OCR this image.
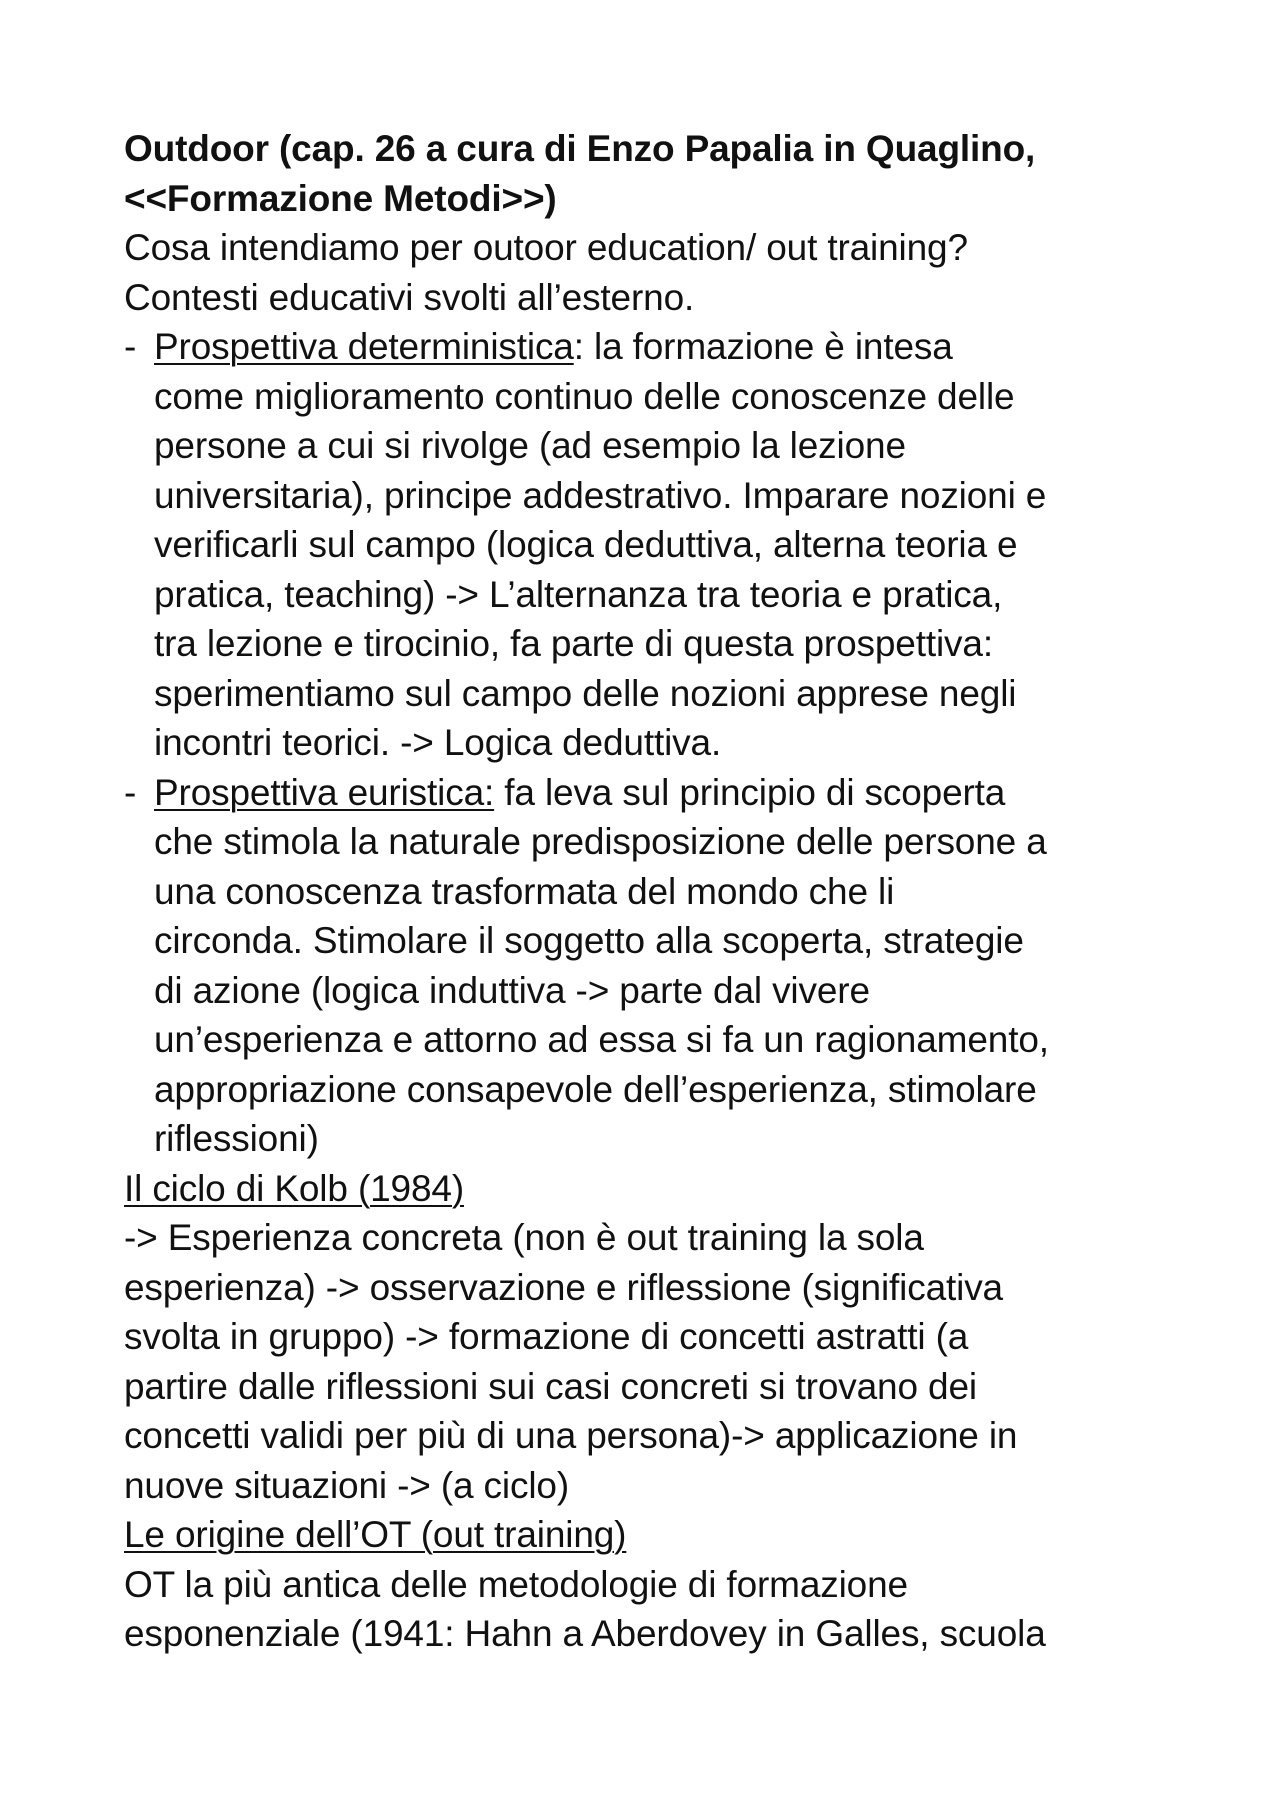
Outdoor (cap. 26 a cura di Enzo Papalia in Quaglino,
<<Formazione Metodi>>)
Cosa intendiamo per outoor education/ out training?
Contesti educativi svolti all’esterno.
- Prospettiva deterministica: la formazione è intesa
come miglioramento continuo delle conoscenze delle
persone a cui si rivolge (ad esempio la lezione
universitaria), principe addestrativo. Imparare nozioni e
verificarli sul campo (logica deduttiva, alterna teoria e
pratica, teaching) -> L’alternanza tra teoria e pratica,
tra lezione e tirocinio, fa parte di questa prospettiva:
sperimentiamo sul campo delle nozioni apprese negli
incontri teorici. -> Logica deduttiva.
- Prospettiva euristica: fa leva sul principio di scoperta
che stimola la naturale predisposizione delle persone a
una conoscenza trasformata del mondo che li
circonda. Stimolare il soggetto alla scoperta, strategie
di azione (logica induttiva -> parte dal vivere
un’esperienza e attorno ad essa si fa un ragionamento,
appropriazione consapevole dell’esperienza, stimolare
riflessioni)
Il ciclo di Kolb (1984)
-> Esperienza concreta (non è out training la sola
esperienza) -> osservazione e riflessione (significativa
svolta in gruppo) -> formazione di concetti astratti (a
partire dalle riflessioni sui casi concreti si trovano dei
concetti validi per più di una persona)-> applicazione in
nuove situazioni -> (a ciclo)
Le origine dell’OT (out training)
OT la più antica delle metodologie di formazione
esponenziale (1941: Hahn a Aberdovey in Galles, scuola
